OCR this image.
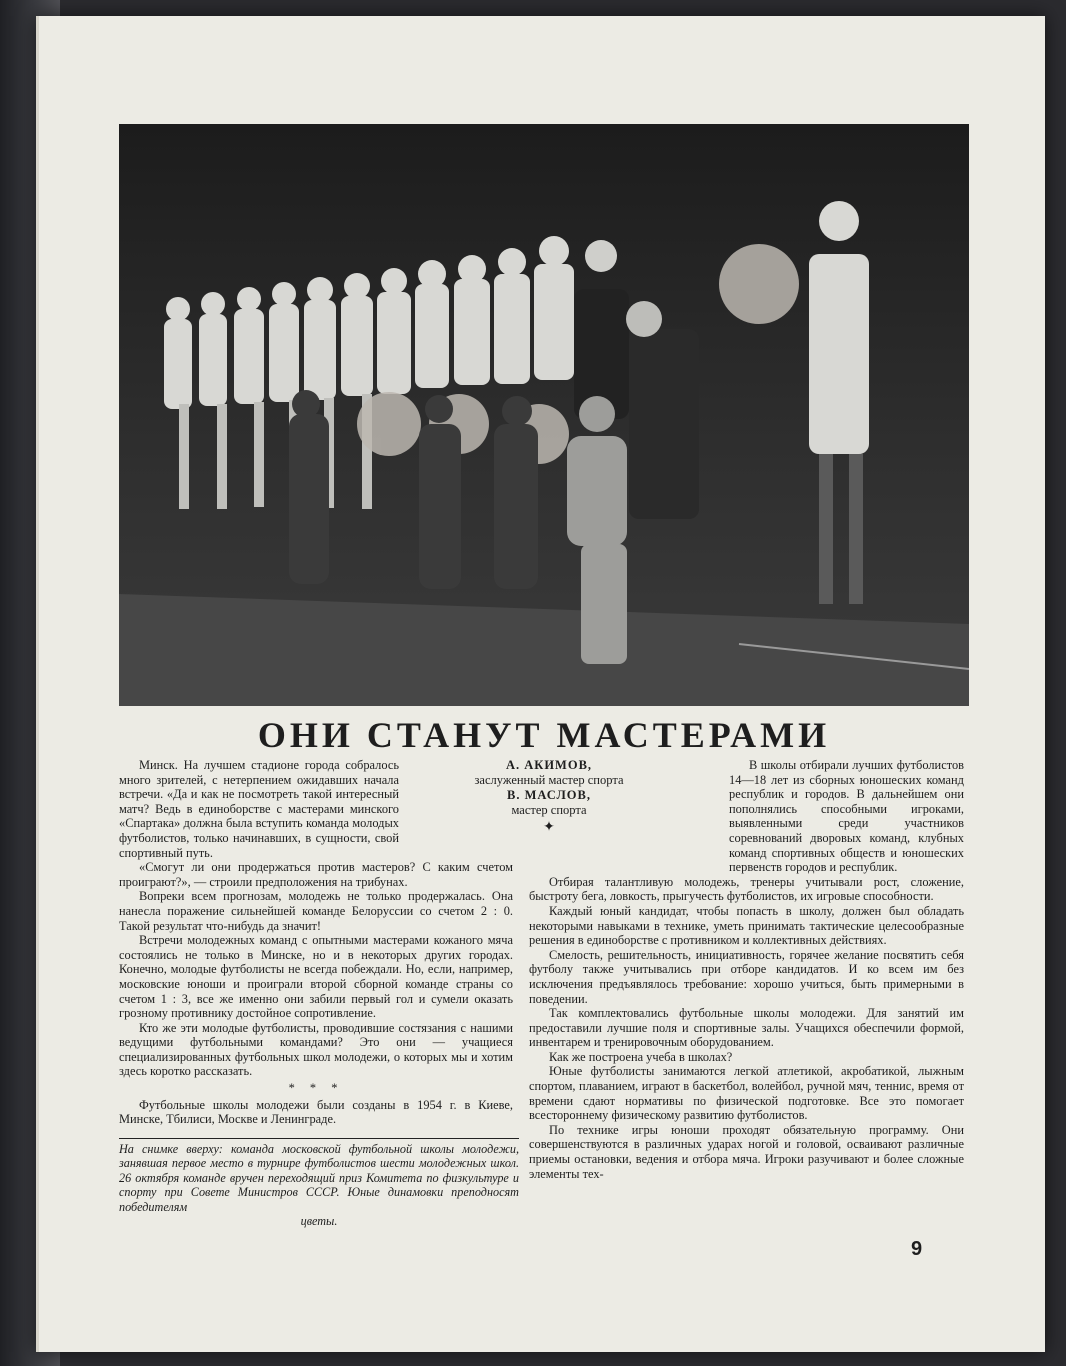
ОНИ СТАНУТ МАСТЕРАМИ
А. АКИМОВ,
заслуженный мастер спорта
В. МАСЛОВ,
мастер спорта
✦

Минск. На лучшем стадионе города собралось много зрителей, с нетерпением ожидавших начала встречи. «Да и как не посмотреть такой интересный матч? Ведь в единоборстве с мастерами минского «Спартака» должна была вступить команда молодых футболистов, только начинавших, в сущности, свой спортивный путь.

«Смогут ли они продержаться против мастеров? С каким счетом проиграют?», — строили предположения на трибунах.

Вопреки всем прогнозам, молодежь не только продержалась. Она нанесла поражение сильнейшей команде Белоруссии со счетом 2 : 0. Такой результат что-нибудь да значит!

Встречи молодежных команд с опытными мастерами кожаного мяча состоялись не только в Минске, но и в некоторых других городах. Конечно, молодые футболисты не всегда побеждали. Но, если, например, московские юноши и проиграли второй сборной команде страны со счетом 1 : 3, все же именно они забили первый гол и сумели оказать грозному противнику достойное сопротивление.

Кто же эти молодые футболисты, проводившие состязания с нашими ведущими футбольными командами? Это они — учащиеся специализированных футбольных школ молодежи, о которых мы и хотим здесь коротко рассказать.

* * *

Футбольные школы молодежи были созданы в 1954 г. в Киеве, Минске, Тбилиси, Москве и Ленинграде.

В школы отбирали лучших футболистов 14—18 лет из сборных юношеских команд республик и городов. В дальнейшем они пополнялись способными игроками, выявленными среди участников соревнований дворовых команд, клубных команд спортивных обществ и юношеских первенств городов и республик.

Отбирая талантливую молодежь, тренеры учитывали рост, сложение, быстроту бега, ловкость, прыгучесть футболистов, их игровые способности.

Каждый юный кандидат, чтобы попасть в школу, должен был обладать некоторыми навыками в технике, уметь принимать тактические целесообразные решения в единоборстве с противником и коллективных действиях.

Смелость, решительность, инициативность, горячее желание посвятить себя футболу также учитывались при отборе кандидатов. И ко всем им без исключения предъявлялось требование: хорошо учиться, быть примерными в поведении.

Так комплектовались футбольные школы молодежи. Для занятий им предоставили лучшие поля и спортивные залы. Учащихся обеспечили формой, инвентарем и тренировочным оборудованием.

Как же построена учеба в школах?

Юные футболисты занимаются легкой атлетикой, акробатикой, лыжным спортом, плаванием, играют в баскетбол, волейбол, ручной мяч, теннис, время от времени сдают нормативы по физической подготовке. Все это помогает всестороннему физическому развитию футболистов.

По технике игры юноши проходят обязательную программу. Они совершенствуются в различных ударах ногой и головой, осваивают различные приемы остановки, ведения и отбора мяча. Игроки разучивают и более сложные элементы тех-

На снимке вверху: команда московской футбольной школы молодежи, занявшая первое место в турнире футболистов шести молодежных школ. 26 октября команде вручен переходящий приз Комитета по физкультуре и спорту при Совете Министров СССР. Юные динамовки преподносят победителям
цветы.
9
